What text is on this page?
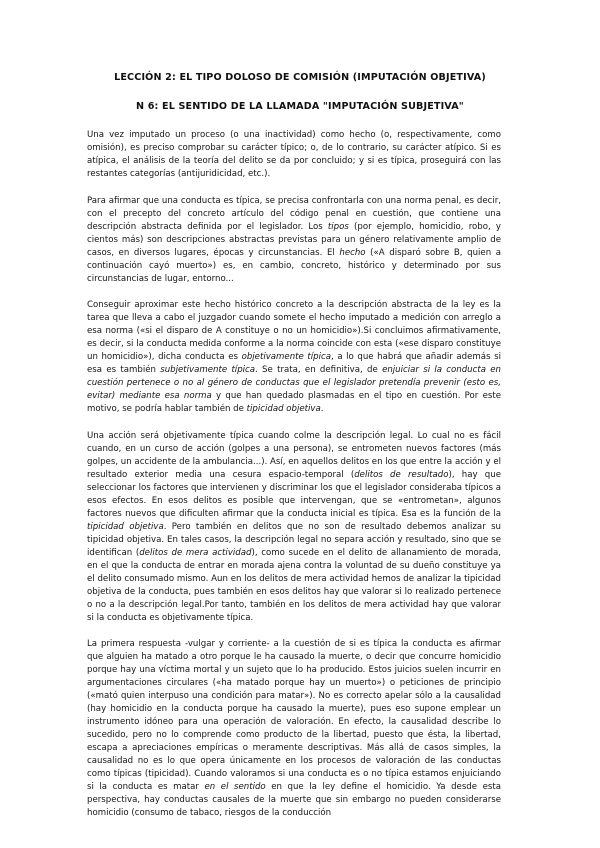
LECCIÓN 2: EL TIPO DOLOSO DE COMISIÓN (IMPUTACIÓN OBJETIVA)
N 6: EL SENTIDO DE LA LLAMADA "IMPUTACIÓN SUBJETIVA"

Una vez imputado un proceso (o una inactividad) como hecho (o, respectivamente, como omisión), es preciso comprobar su carácter típico; o, de lo contrario, su carácter atípico. Si es atípica, el análisis de la teoría del delito se da por concluido; y si es típica, proseguirá con las restantes categorías (antijuridicidad, etc.).

Para afirmar que una conducta es típica, se precisa confrontarla con una norma penal, es decir, con el precepto del concreto artículo del código penal en cuestión, que contiene una descripción abstracta definida por el legislador. Los tipos (por ejemplo, homicidio, robo, y cientos más) son descripciones abstractas previstas para un género relativamente amplio de casos, en diversos lugares, épocas y circunstancias. El hecho («A disparó sobre B, quien a continuación cayó muerto») es, en cambio, concreto, histórico y determinado por sus circunstancias de lugar, entorno...

Conseguir aproximar este hecho histórico concreto a la descripción abstracta de la ley es la tarea que lleva a cabo el juzgador cuando somete el hecho imputado a medición con arreglo a esa norma («si el disparo de A constituye o no un homicidio»).Si concluimos afirmativamente, es decir, si la conducta medida conforme a la norma coincide con esta («ese disparo constituye un homicidio»), dicha conducta es objetivamente típica, a lo que habrá que añadir además si esa es también subjetivamente típica. Se trata, en definitiva, de enjuiciar si la conducta en cuestión pertenece o no al género de conductas que el legislador pretendía prevenir (esto es, evitar) mediante esa norma y que han quedado plasmadas en el tipo en cuestión. Por este motivo, se podría hablar también de tipicidad objetiva.

Una acción será objetivamente típica cuando colme la descripción legal. Lo cual no es fácil cuando, en un curso de acción (golpes a una persona), se entrometen nuevos factores (más golpes, un accidente de la ambulancia...). Así, en aquellos delitos en los que entre la acción y el resultado exterior media una cesura espacio-temporal (delitos de resultado), hay que seleccionar los factores que intervienen y discriminar los que el legislador consideraba típicos a esos efectos. En esos delitos es posible que intervengan, que se «entrometan», algunos factores nuevos que dificulten afirmar que la conducta inicial es típica. Esa es la función de la tipicidad objetiva. Pero también en delitos que no son de resultado debemos analizar su tipicidad objetiva. En tales casos, la descripción legal no separa acción y resultado, sino que se identifican (delitos de mera actividad), como sucede en el delito de allanamiento de morada, en el que la conducta de entrar en morada ajena contra la voluntad de su dueño constituye ya el delito consumado mismo. Aun en los delitos de mera actividad hemos de analizar la tipicidad objetiva de la conducta, pues también en esos delitos hay que valorar si lo realizado pertenece o no a la descripción legal.Por tanto, también en los delitos de mera actividad hay que valorar si la conducta es objetivamente típica.

La primera respuesta -vulgar y corriente- a la cuestión de si es típica la conducta es afirmar que alguien ha matado a otro porque le ha causado la muerte, o decir que concurre homicidio porque hay una víctima mortal y un sujeto que lo ha producido. Estos juicios suelen incurrir en argumentaciones circulares («ha matado porque hay un muerto») o peticiones de principio («mató quien interpuso una condición para matar»). No es correcto apelar sólo a la causalidad (hay homicidio en la conducta porque ha causado la muerte), pues eso supone emplear un instrumento idóneo para una operación de valoración. En efecto, la causalidad describe lo sucedido, pero no lo comprende como producto de la libertad, puesto que ésta, la libertad, escapa a apreciaciones empíricas o meramente descriptivas. Más allá de casos simples, la causalidad no es lo que opera únicamente en los procesos de valoración de las conductas como típicas (tipicidad). Cuando valoramos si una conducta es o no típica estamos enjuiciando si la conducta es matar en el sentido en que la ley define el homicidio. Ya desde esta perspectiva, hay conductas causales de la muerte que sin embargo no pueden considerarse homicidio (consumo de tabaco, riesgos de la conducción
